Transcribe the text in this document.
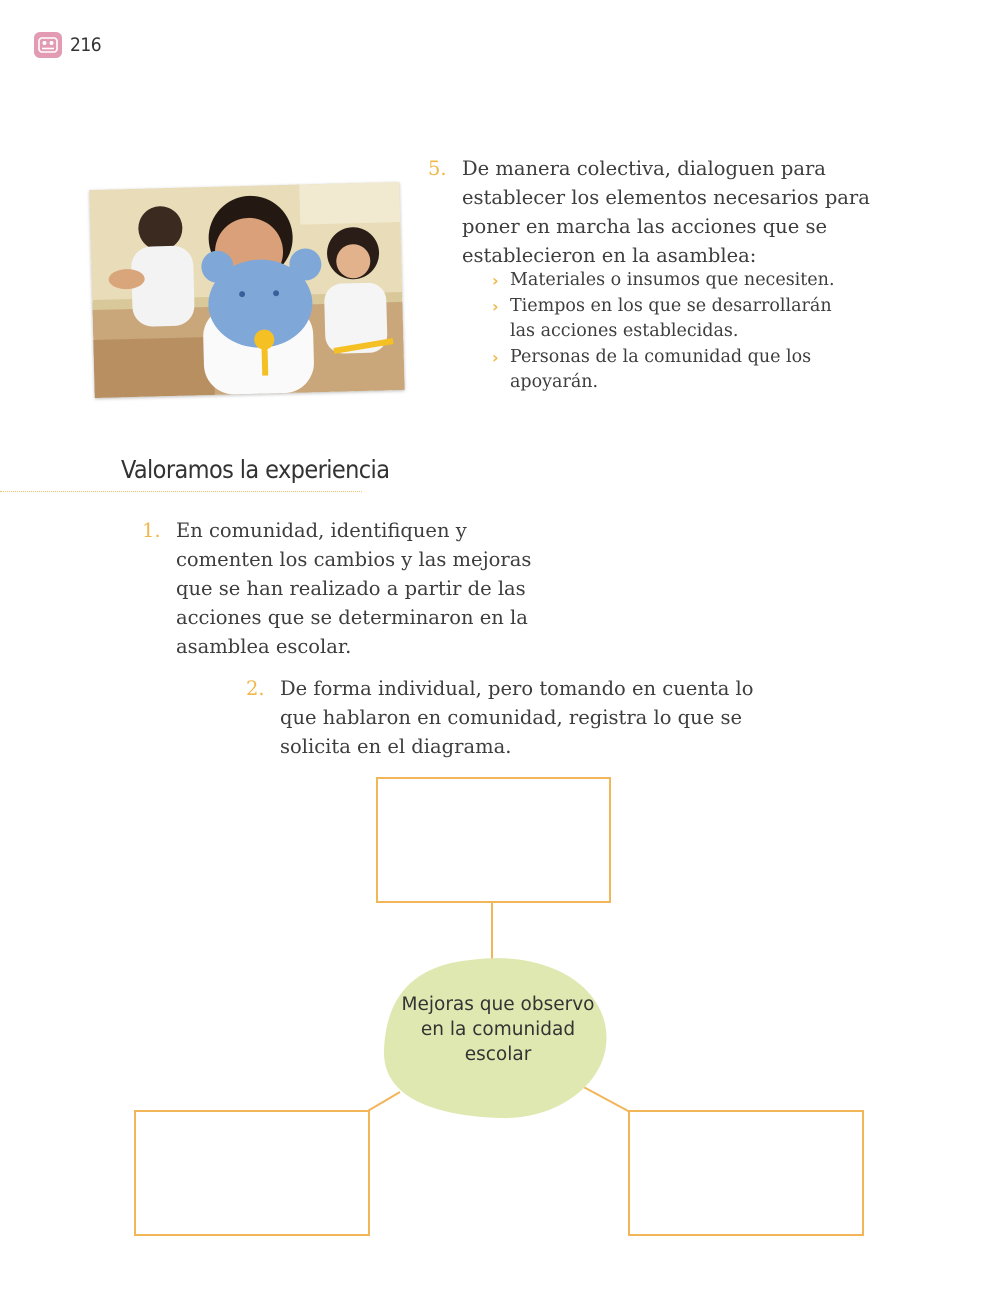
216
5. De manera colectiva, dialoguen para establecer los elementos necesarios para poner en marcha las acciones que se establecieron en la asamblea:
› Materiales o insumos que necesiten.
› Tiempos en los que se desarrollarán las acciones establecidas.
› Personas de la comunidad que los apoyarán.
Valoramos la experiencia
1. En comunidad, identifiquen y comenten los cambios y las mejoras que se han realizado a partir de las acciones que se determinaron en la asamblea escolar.
2. De forma individual, pero tomando en cuenta lo que hablaron en comunidad, registra lo que se solicita en el diagrama.
Mejoras que observo en la comunidad escolar
